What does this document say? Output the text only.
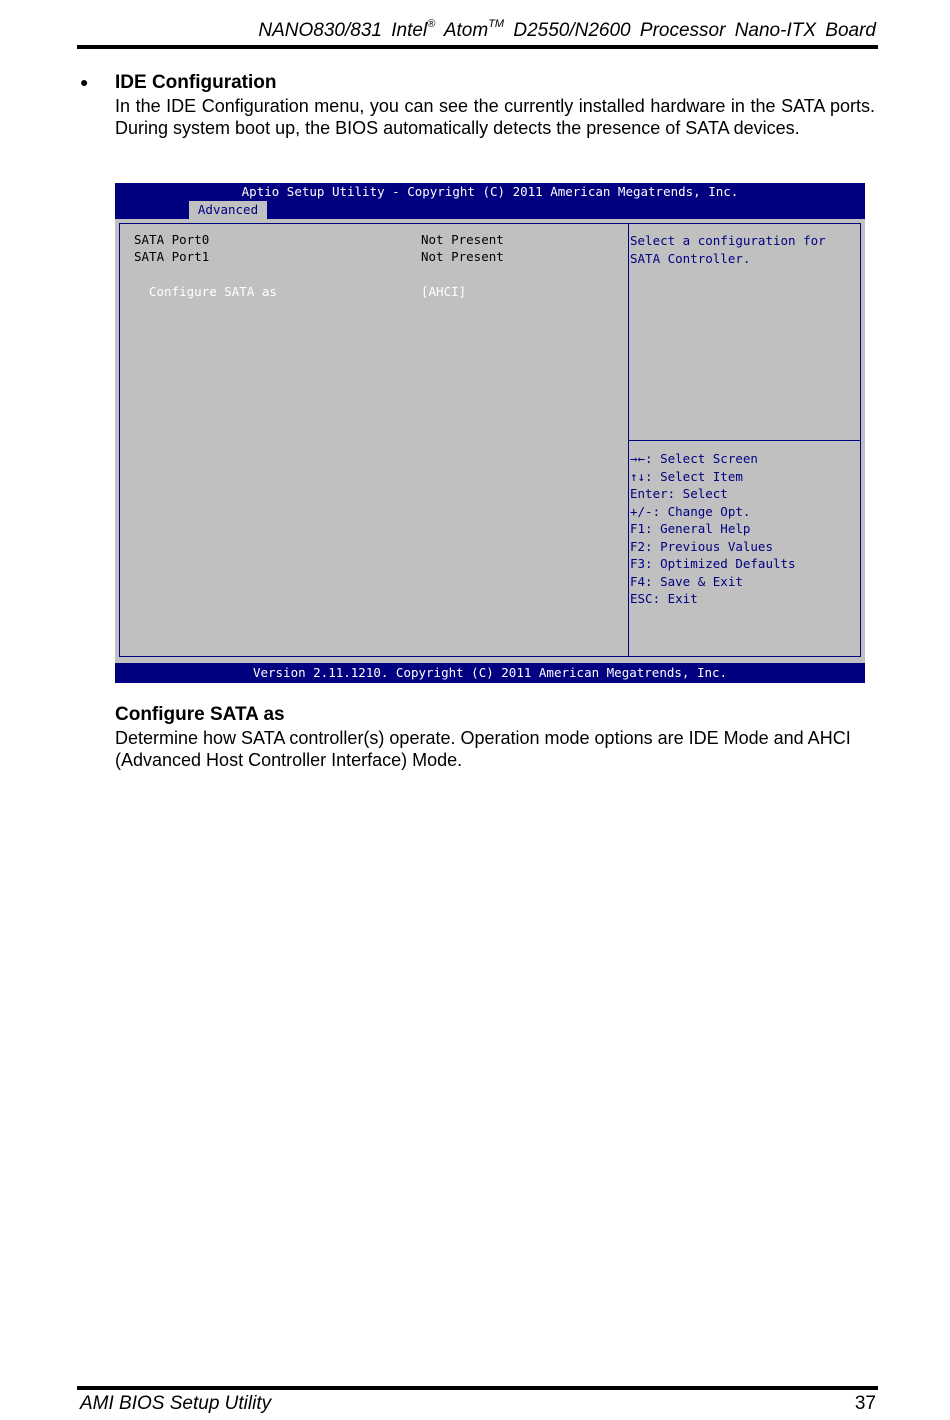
NANO830/831 Intel® Atom™ D2550/N2600 Processor Nano-ITX Board
● IDE Configuration

In the IDE Configuration menu, you can see the currently installed hardware in the SATA ports. During system boot up, the BIOS automatically detects the presence of SATA devices.

Aptio Setup Utility - Copyright (C) 2011 American Megatrends, Inc.
Advanced
SATA Port0	Not Present
SATA Port1	Not Present
Configure SATA as	[AHCI]
Select a configuration for
SATA Controller.
→←: Select Screen
↑↓: Select Item
Enter: Select
+/-: Change Opt.
F1: General Help
F2: Previous Values
F3: Optimized Defaults
F4: Save & Exit
ESC: Exit
Version 2.11.1210. Copyright (C) 2011 American Megatrends, Inc.
Configure SATA as

Determine how SATA controller(s) operate. Operation mode options are IDE Mode and AHCI (Advanced Host Controller Interface) Mode.

AMI BIOS Setup Utility	37
